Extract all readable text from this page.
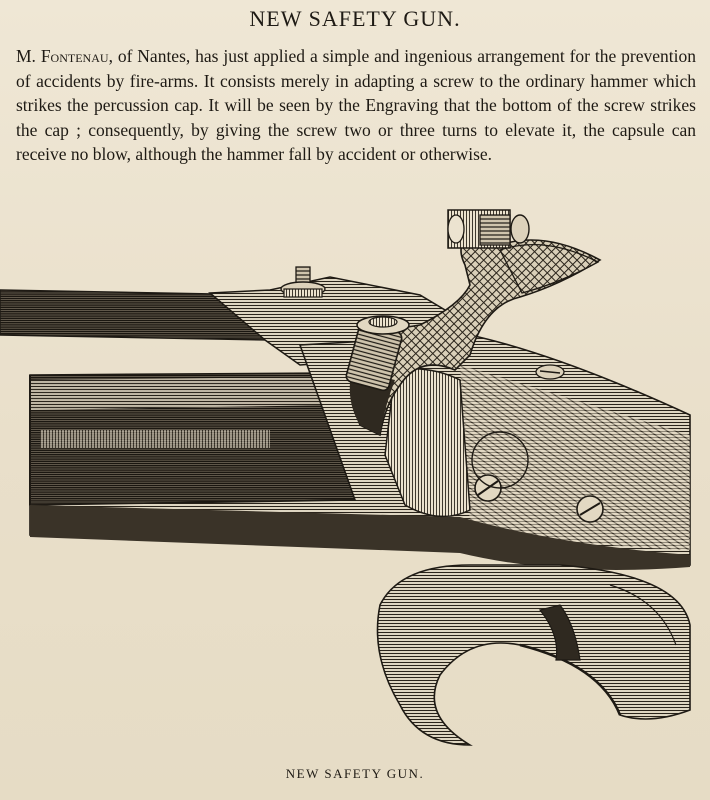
NEW SAFETY GUN.
M. Fontenau, of Nantes, has just applied a simple and ingenious arrangement for the prevention of accidents by fire-arms. It consists merely in adapting a screw to the ordinary hammer which strikes the percussion cap. It will be seen by the Engraving that the bottom of the screw strikes the cap ; consequently, by giving the screw two or three turns to elevate it, the capsule can receive no blow, although the hammer fall by accident or otherwise.
NEW SAFETY GUN.
